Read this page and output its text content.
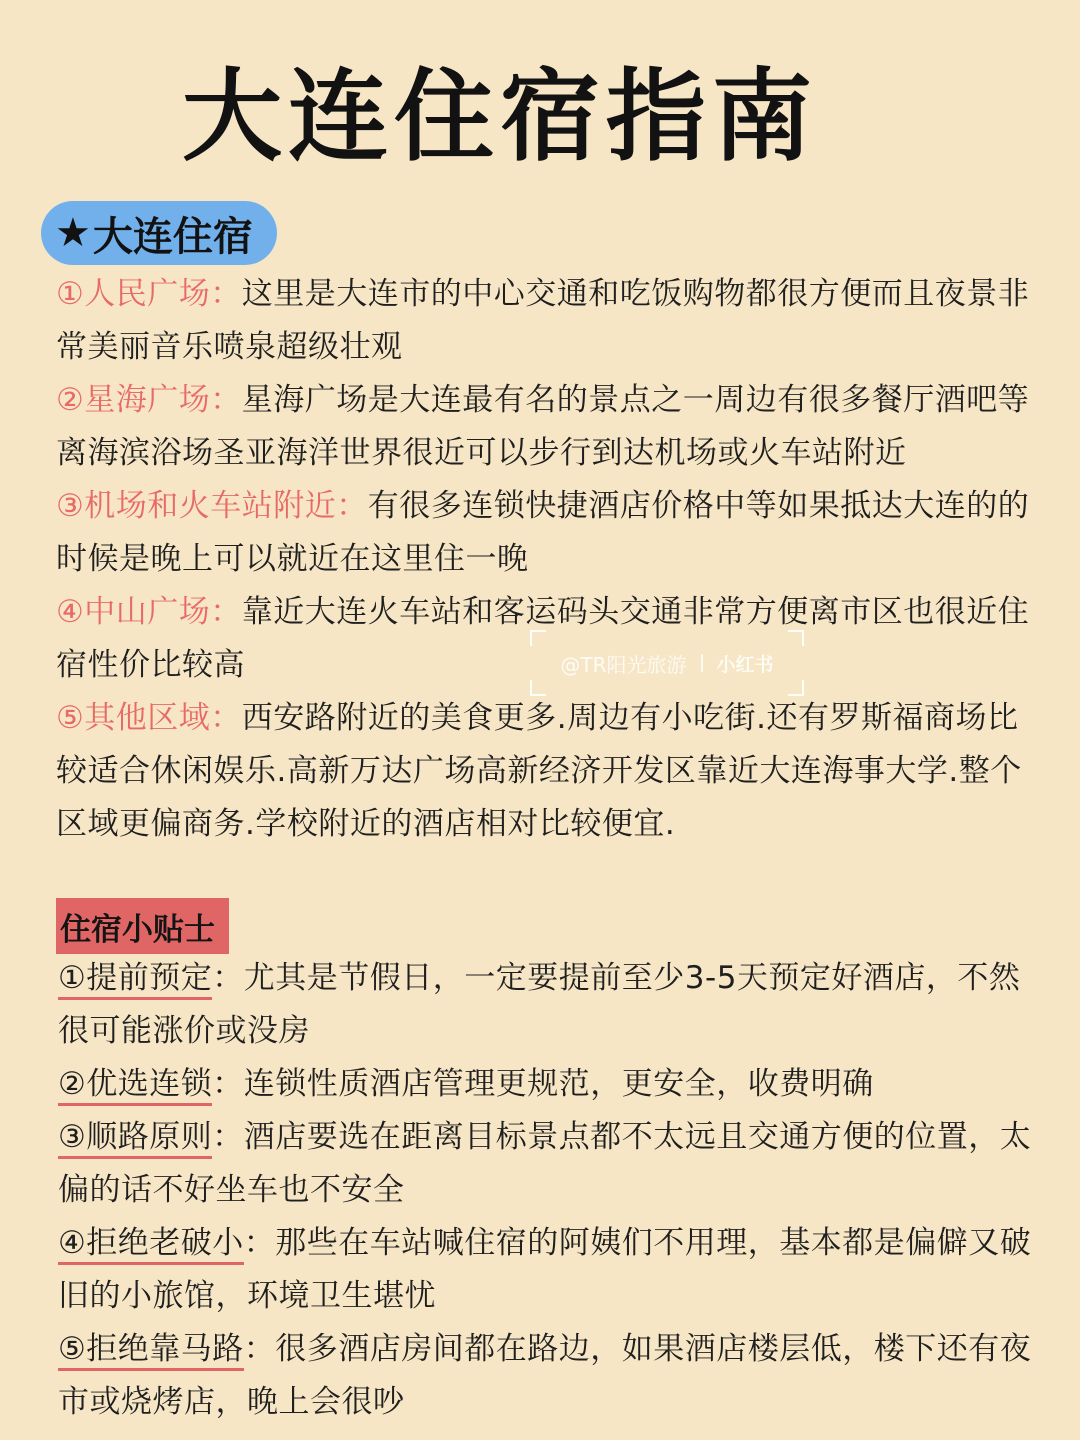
大连住宿指南
★ 大连住宿

①人民广场：这里是大连市的中心交通和吃饭购物都很方便而且夜景非常美丽音乐喷泉超级壮观

②星海广场：星海广场是大连最有名的景点之一周边有很多餐厅酒吧等离海滨浴场圣亚海洋世界很近可以步行到达机场或火车站附近

③机场和火车站附近：有很多连锁快捷酒店价格中等如果抵达大连的的时候是晚上可以就近在这里住一晚

④中山广场：靠近大连火车站和客运码头交通非常方便离市区也很近住宿性价比较高

⑤其他区域：西安路附近的美食更多.周边有小吃街.还有罗斯福商场比较适合休闲娱乐.高新万达广场高新经济开发区靠近大连海事大学.整个区域更偏商务.学校附近的酒店相对比较便宜.

住宿小贴士

①提前预定：尤其是节假日，一定要提前至少3-5天预定好酒店，不然很可能涨价或没房

②优选连锁：连锁性质酒店管理更规范，更安全，收费明确

③顺路原则：酒店要选在距离目标景点都不太远且交通方便的位置，太偏的话不好坐车也不安全

④拒绝老破小：那些在车站喊住宿的阿姨们不用理，基本都是偏僻又破旧的小旅馆，环境卫生堪忧

⑤拒绝靠马路：很多酒店房间都在路边，如果酒店楼层低，楼下还有夜市或烧烤店，晚上会很吵

@TR阳光旅游 小红书
